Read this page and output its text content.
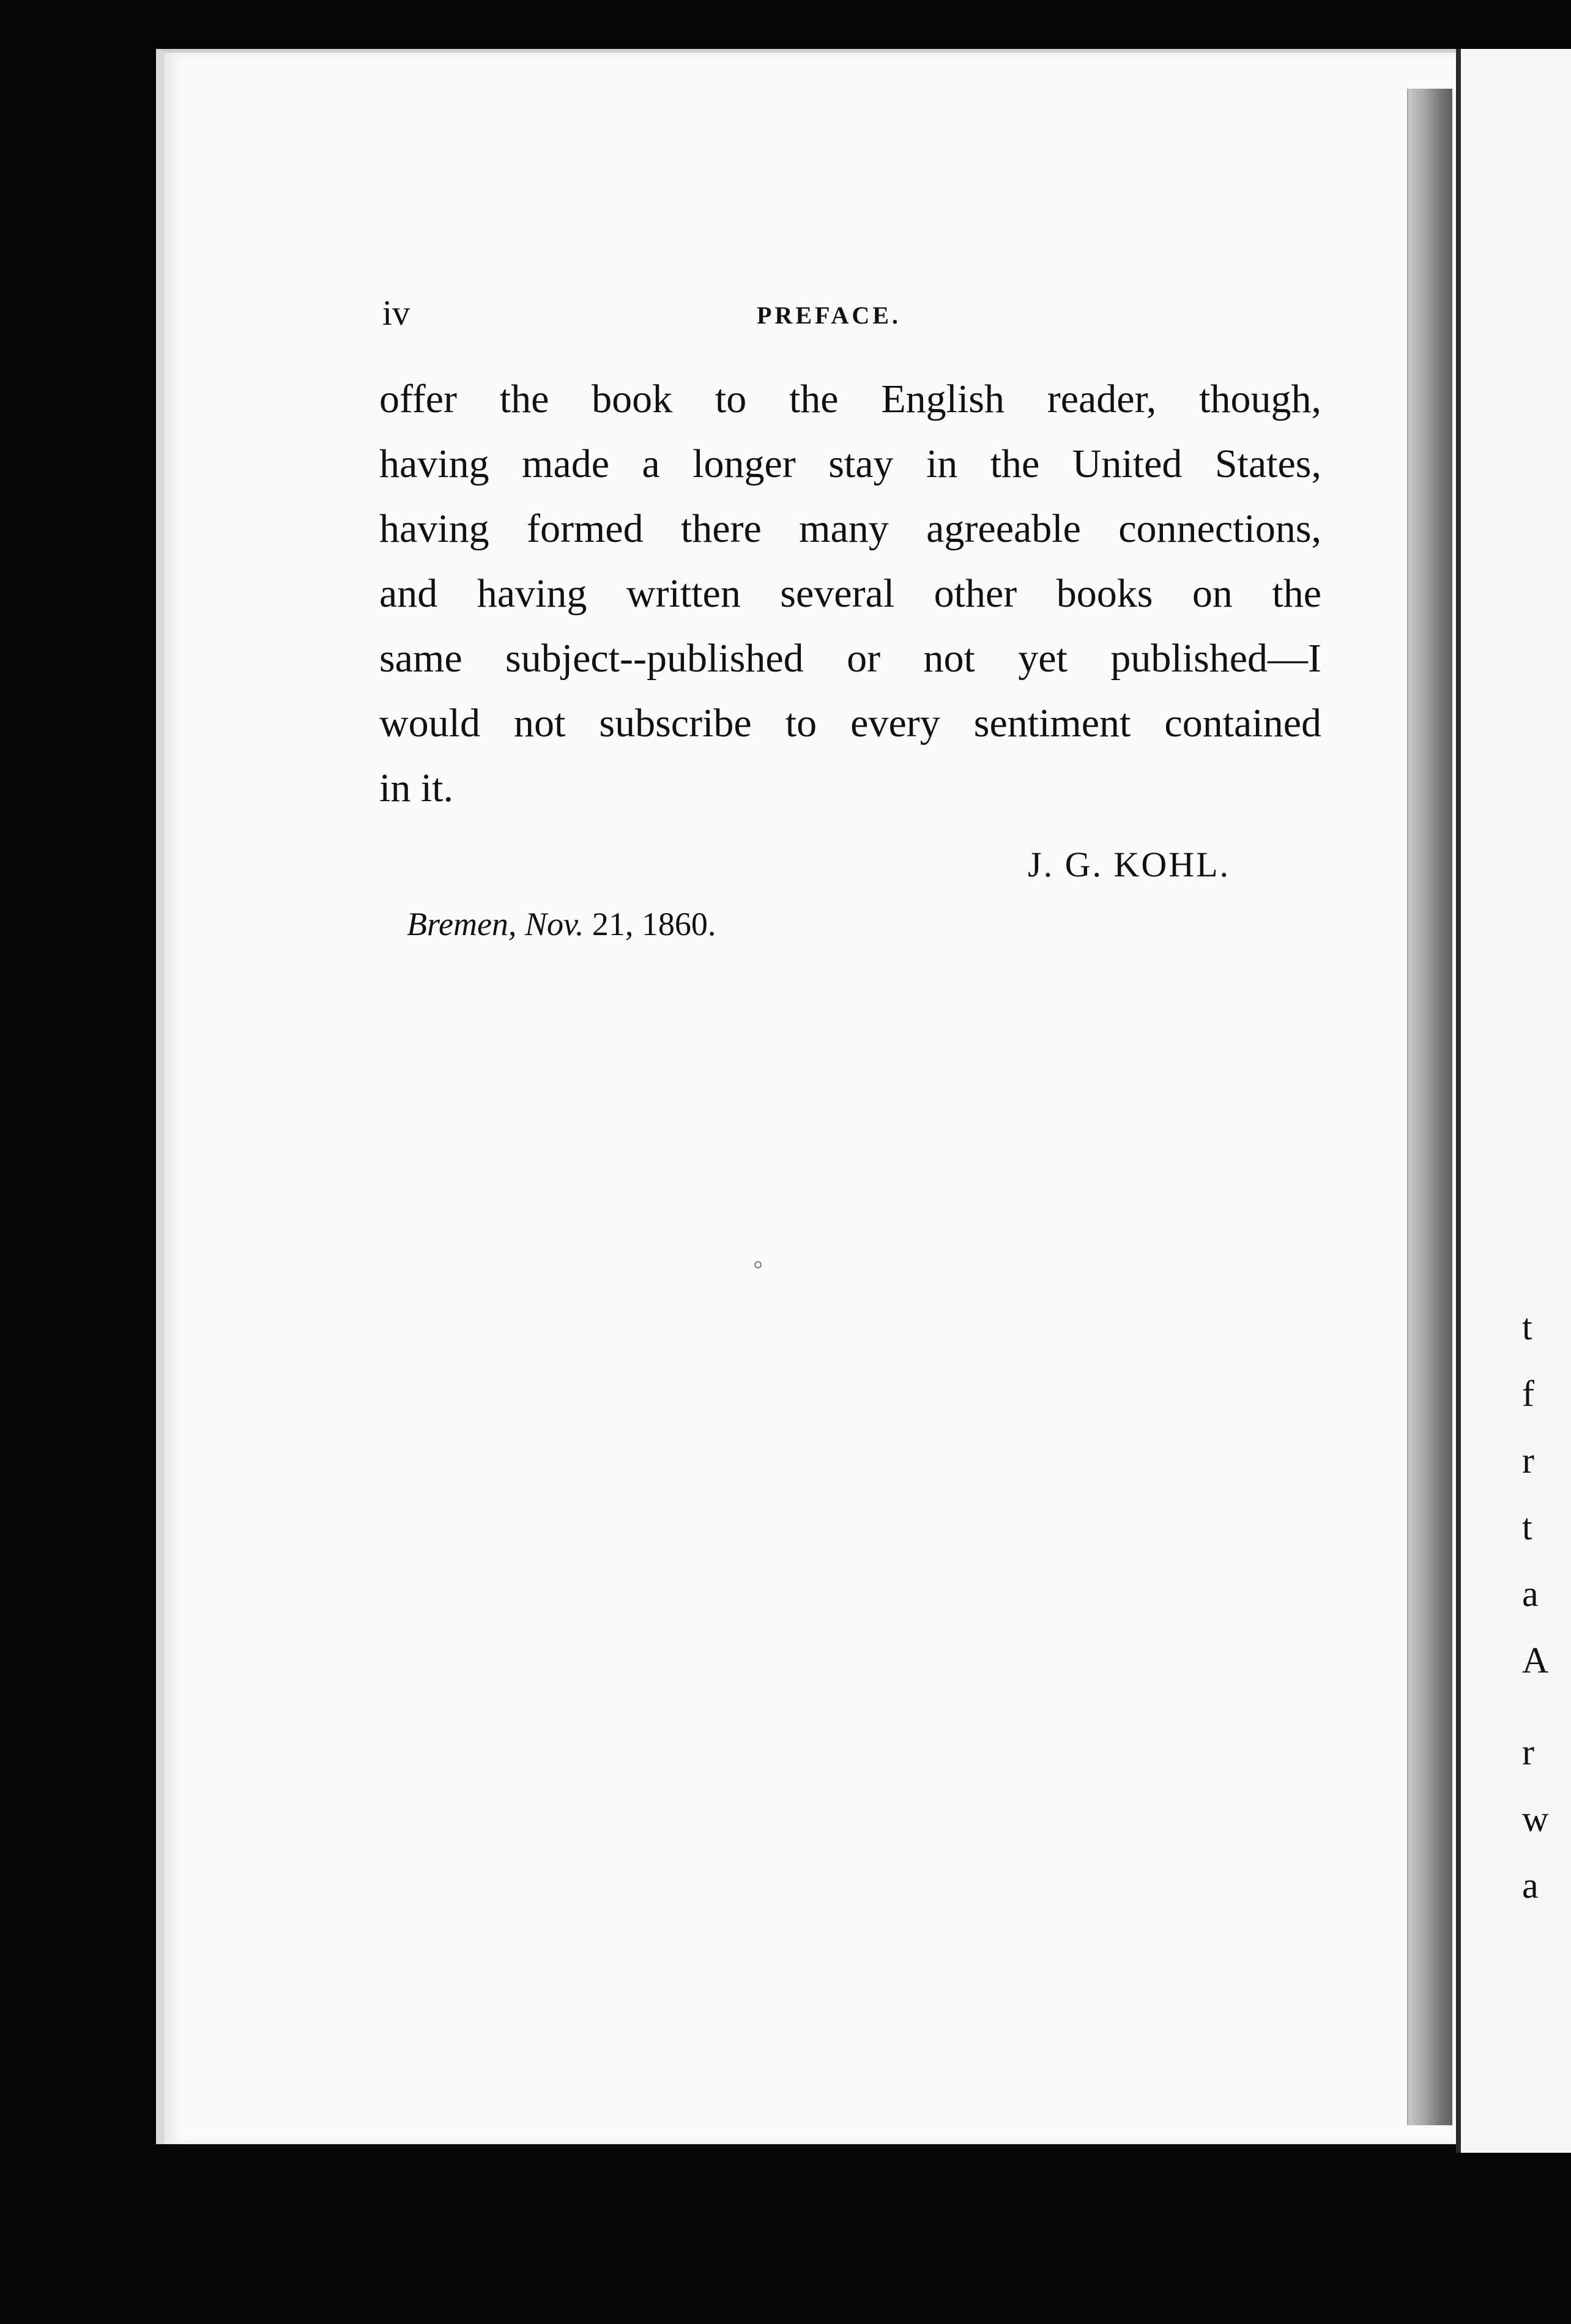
t
f
r
t
a
A
r
w
a
iv	PREFACE.
offer the book to the English reader, though,
having made a longer stay in the United States,
having formed there many agreeable connections,
and having written several other books on the
same subject--published or not yet published—I
would not subscribe to every sentiment contained
in it.
J. G. KOHL.
Bremen, Nov. 21, 1860.
